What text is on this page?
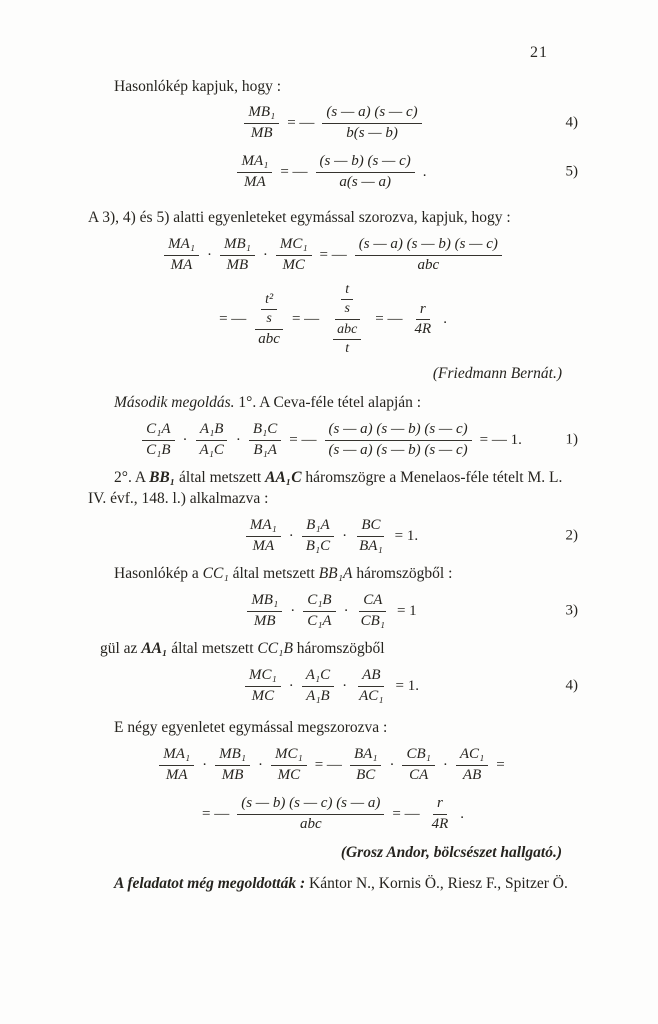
21

Hasonlókép kapjuk, hogy :

$\frac{\text{MB₁}}{MB}$ = — $\frac{(s — a) (s — c)}{b(s — b)}$	4)
$\frac{\text{MA₁}}{MA}$ = — $\frac{(s — b) (s — c)}{a(s — a)}$ .	5)

A 3), 4) és 5) alatti egyenleteket egymással szorozva, kapjuk, hogy :

$\frac{\text{MA₁}}{MA} \cdot \frac{\text{MB₁}}{MB} \cdot \frac{\text{MC₁}}{MC}$ = — $\frac{(s — a) (s — b) (s — c)}{\text{abc}}$
= — $\frac{\frac{\text{t²}}{s}}{\text{abc}}$ = — $\frac{\frac{t}{s}}{\frac{\text{abc}}{t}}$ = — $\frac{r}{4R}$ .

(Friedmann Bernát.)

Második megoldás. 1°. A Ceva-féle tétel alapján :

$\frac{\text{C₁A}}{\text{C₁B}} \cdot \frac{\text{A₁B}}{\text{A₁C}} \cdot \frac{\text{B₁C}}{\text{B₁A}}$ = — $\frac{(s — a) (s — b) (s — c)}{(s — a) (s — b) (s — c)}$ = — 1.	1)

2°. A BB₁ által metszett AA₁C háromszögre a Menelaos-féle tételt M. L. IV. évf., 148. l.) alkalmazva :

$\frac{\text{MA₁}}{MA} \cdot \frac{\text{B₁A}}{\text{B₁C}} \cdot \frac{BC}{\text{BA₁}} = 1$.	2)

Hasonlókép a CC₁ által metszett BB₁A háromszögből :

$\frac{\text{MB₁}}{MB} \cdot \frac{\text{C₁B}}{\text{C₁A}} \cdot \frac{CA}{\text{CB₁}} = 1$	3)

gül az AA₁ által metszett CC₁B háromszögből

$\frac{\text{MC₁}}{MC} \cdot \frac{\text{A₁C}}{\text{A₁B}} \cdot \frac{AB}{\text{AC₁}} = 1$.	4)

E négy egyenletet egymással megszorozva :

$\frac{\text{MA₁}}{MA} \cdot \frac{\text{MB₁}}{MB} \cdot \frac{\text{MC₁}}{MC}$ = — $\frac{\text{BA₁}}{BC} \cdot \frac{\text{CB₁}}{CA} \cdot \frac{\text{AC₁}}{AB}$ =
= — $\frac{(s — b) (s — c) (s — a)}{\text{abc}}$ = — $\frac{r}{4R}$ .

(Grosz Andor, bölcsészet hallgató.)

A feladatot még megoldották : Kántor N., Kornis Ö., Riesz F., Spitzer Ö.
